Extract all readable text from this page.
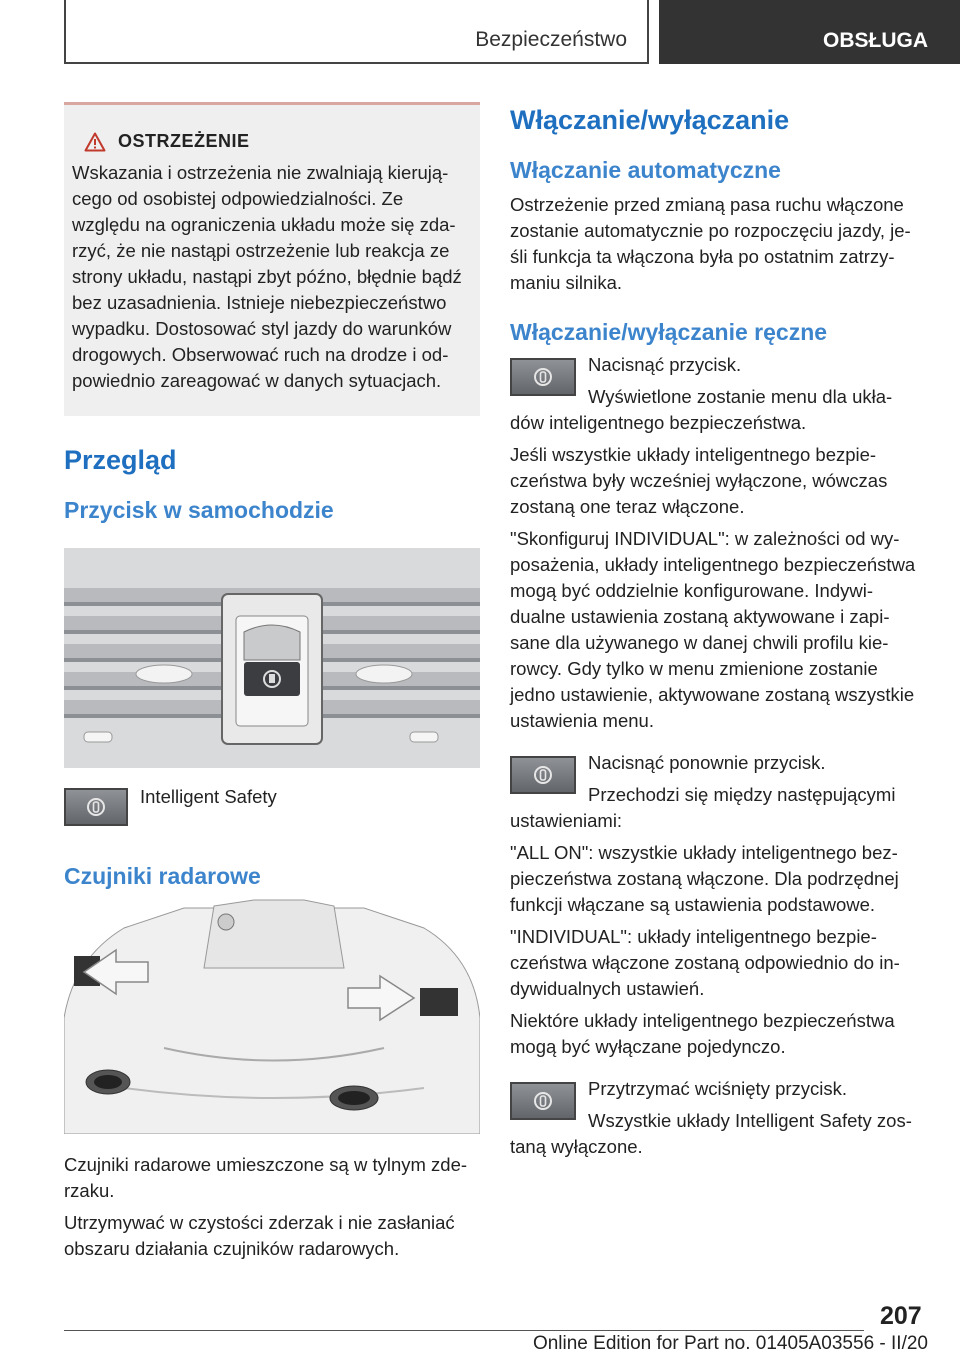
Bezpieczeństwo	OBSŁUGA
OSTRZEŻENIE
Wskazania i ostrzeżenia nie zwalniają kierują-
cego od osobistej odpowiedzialności. Ze
względu na ograniczenia układu może się zda-
rzyć, że nie nastąpi ostrzeżenie lub reakcja ze
strony układu, nastąpi zbyt późno, błędnie bądź
bez uzasadnienia. Istnieje niebezpieczeństwo
wypadku. Dostosować styl jazdy do warunków
drogowych. Obserwować ruch na drodze i od-
powiednio zareagować w danych sytuacjach.
Przegląd
Przycisk w samochodzie
Intelligent Safety
Czujniki radarowe

Czujniki radarowe umieszczone są w tylnym zde-
rzaku.

Utrzymywać w czystości zderzak i nie zasłaniać
obszaru działania czujników radarowych.

Włączanie/wyłączanie
Włączanie automatyczne

Ostrzeżenie przed zmianą pasa ruchu włączone
zostanie automatycznie po rozpoczęciu jazdy, je-
śli funkcja ta włączona była po ostatnim zatrzy-
maniu silnika.

Włączanie/wyłączanie ręczne
Nacisnąć przycisk.
Wyświetlone zostanie menu dla ukła-

dów inteligentnego bezpieczeństwa.

Jeśli wszystkie układy inteligentnego bezpie-
czeństwa były wcześniej wyłączone, wówczas
zostaną one teraz włączone.

"Skonfiguruj INDIVIDUAL": w zależności od wy-
posażenia, układy inteligentnego bezpieczeństwa
mogą być oddzielnie konfigurowane. Indywi-
dualne ustawienia zostaną aktywowane i zapi-
sane dla używanego w danej chwili profilu kie-
rowcy. Gdy tylko w menu zmienione zostanie
jedno ustawienie, aktywowane zostaną wszystkie
ustawienia menu.

Nacisnąć ponownie przycisk.
Przechodzi się między następującymi

ustawieniami:

"ALL ON": wszystkie układy inteligentnego bez-
pieczeństwa zostaną włączone. Dla podrzędnej
funkcji włączane są ustawienia podstawowe.

"INDIVIDUAL": układy inteligentnego bezpie-
czeństwa włączone zostaną odpowiednio do in-
dywidualnych ustawień.

Niektóre układy inteligentnego bezpieczeństwa
mogą być wyłączane pojedynczo.

Przytrzymać wciśnięty przycisk.
Wszystkie układy Intelligent Safety zos-

taną wyłączone.

207
Online Edition for Part no. 01405A03556 - II/20
